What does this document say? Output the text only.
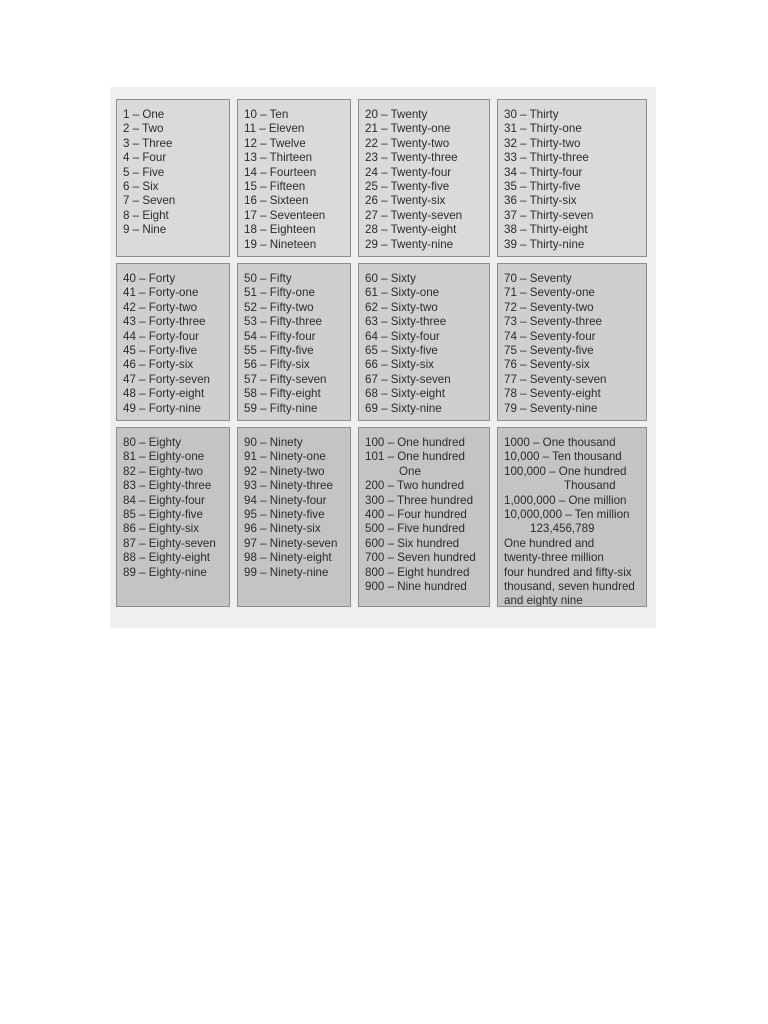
1 – One
2 – Two
3 – Three
4 – Four
5 – Five
6 – Six
7 – Seven
8 – Eight
9 – Nine
10 – Ten
11 – Eleven
12 – Twelve
13 – Thirteen
14 – Fourteen
15 – Fifteen
16 – Sixteen
17 – Seventeen
18 – Eighteen
19 – Nineteen
20 – Twenty
21 – Twenty-one
22 – Twenty-two
23 – Twenty-three
24 – Twenty-four
25 – Twenty-five
26 – Twenty-six
27 – Twenty-seven
28 – Twenty-eight
29 – Twenty-nine
30 – Thirty
31 – Thirty-one
32 – Thirty-two
33 – Thirty-three
34 – Thirty-four
35 – Thirty-five
36 – Thirty-six
37 – Thirty-seven
38 – Thirty-eight
39 – Thirty-nine
40 – Forty
41 – Forty-one
42 – Forty-two
43 – Forty-three
44 – Forty-four
45 – Forty-five
46 – Forty-six
47 – Forty-seven
48 – Forty-eight
49 – Forty-nine
50 – Fifty
51 – Fifty-one
52 – Fifty-two
53 – Fifty-three
54 – Fifty-four
55 – Fifty-five
56 – Fifty-six
57 – Fifty-seven
58 – Fifty-eight
59 – Fifty-nine
60 – Sixty
61 – Sixty-one
62 – Sixty-two
63 – Sixty-three
64 – Sixty-four
65 – Sixty-five
66 – Sixty-six
67 – Sixty-seven
68 – Sixty-eight
69 – Sixty-nine
70 – Seventy
71 – Seventy-one
72 – Seventy-two
73 – Seventy-three
74 – Seventy-four
75 – Seventy-five
76 – Seventy-six
77 – Seventy-seven
78 – Seventy-eight
79 – Seventy-nine
80 – Eighty
81 – Eighty-one
82 – Eighty-two
83 – Eighty-three
84 – Eighty-four
85 – Eighty-five
86 – Eighty-six
87 – Eighty-seven
88 – Eighty-eight
89 – Eighty-nine
90 – Ninety
91 – Ninety-one
92 – Ninety-two
93 – Ninety-three
94 – Ninety-four
95 – Ninety-five
96 – Ninety-six
97 – Ninety-seven
98 – Ninety-eight
99 – Ninety-nine
100 – One hundred
101 – One hundred
One
200 – Two hundred
300 – Three hundred
400 – Four hundred
500 – Five hundred
600 – Six hundred
700 – Seven hundred
800 – Eight hundred
900 – Nine hundred
1000 – One thousand
10,000 – Ten thousand
100,000 – One hundred
Thousand
1,000,000 – One million
10,000,000 – Ten million
123,456,789
One hundred and
twenty-three million
four hundred and fifty-six
thousand, seven hundred
and eighty nine
